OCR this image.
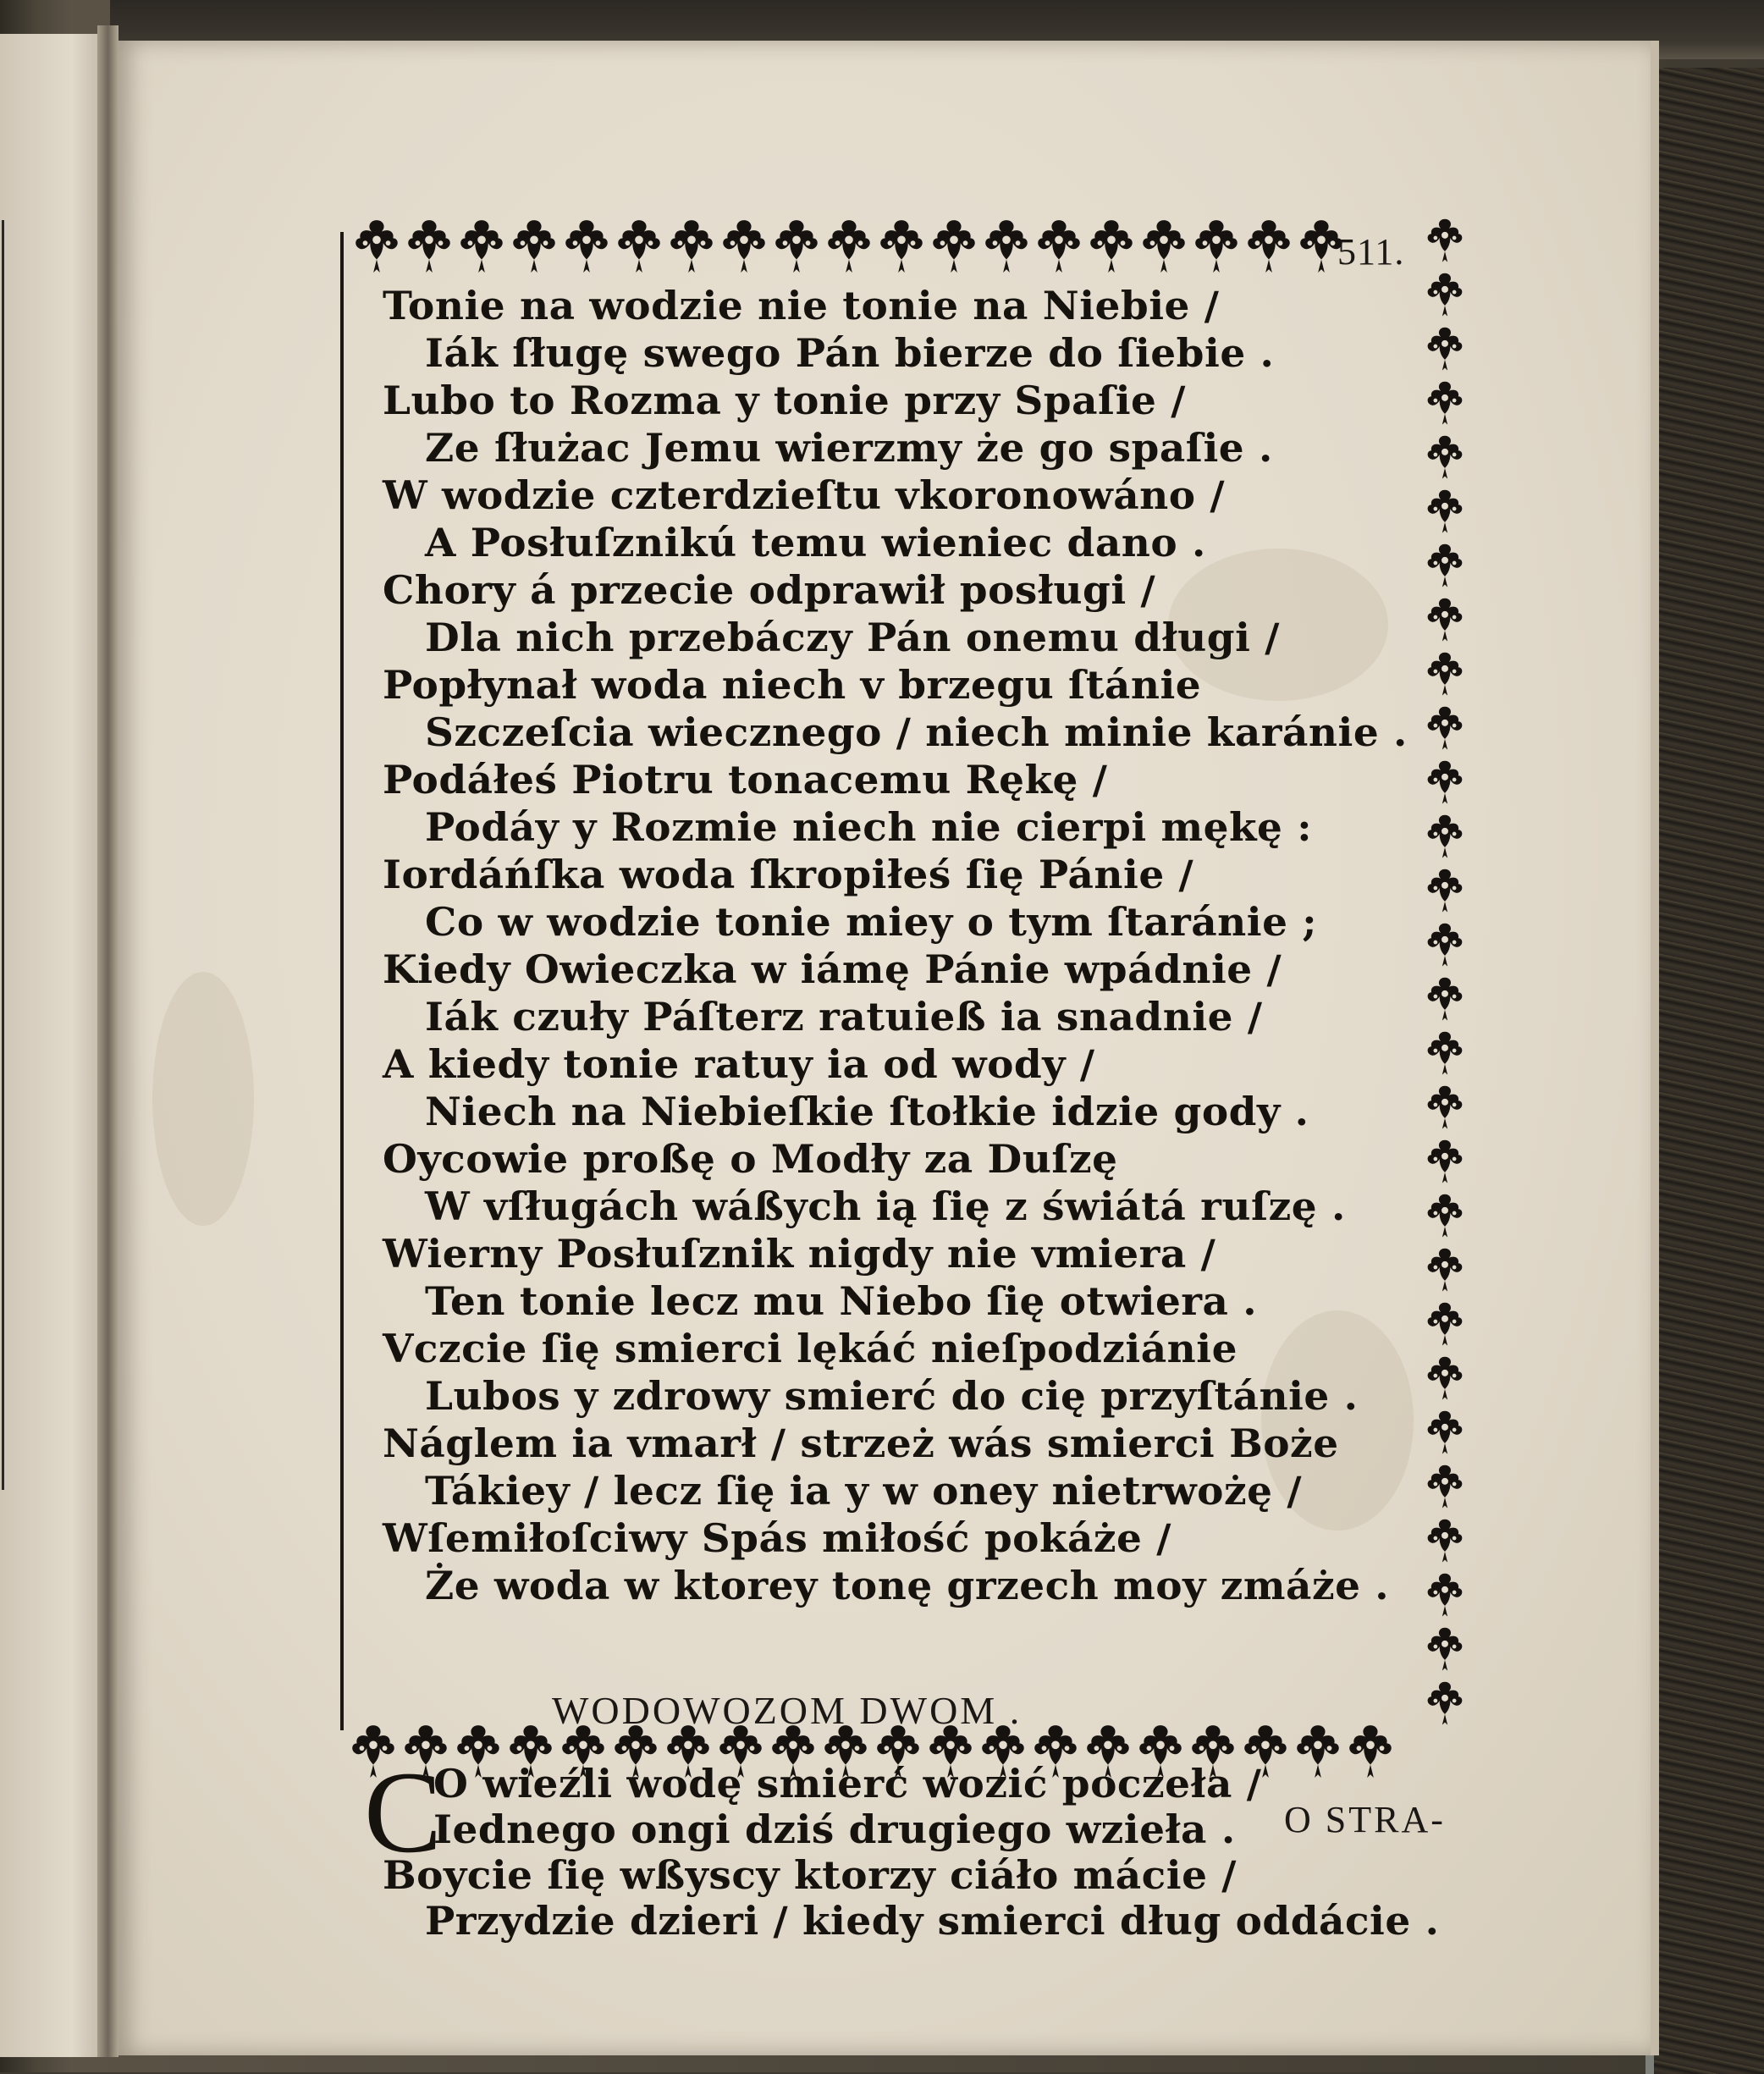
511.
Tonie na wodzie nie tonie na Niebie /
Iák ſługę swego Pán bierze do ſiebie .
Lubo to Rozma y tonie przy Spaſie /
Ze ſłużac Jemu wierzmy że go spaſie .
W wodzie czterdzieſtu vkoronowáno /
A Posłuſznikú temu wieniec dano .
Chory á przecie odprawił posługi /
Dla nich przebáczy Pán onemu długi /
Popłynał woda niech v brzegu ſtánie
Szczeſcia wiecznego / niech minie karánie .
Podáłeś Piotru tonacemu Rękę /
Podáy y Rozmie niech nie cierpi mękę :
Iordáńſka woda ſkropiłeś ſię Pánie /
Co w wodzie tonie miey o tym ſtaránie ;
Kiedy Owieczka w iámę Pánie wpádnie /
Iák czuły Páſterz ratuieß ia snadnie /
A kiedy tonie ratuy ia od wody /
Niech na Niebieſkie ſtołkie idzie gody .
Oycowie proßę o Modły za Duſzę
W vſługách wáßych ią ſię z świátá ruſzę .
Wierny Posłuſznik nigdy nie vmiera /
Ten tonie lecz mu Niebo ſię otwiera .
Vczcie ſię smierci lękáć nieſpodziánie
Lubos y zdrowy smierć do cię przyſtánie .
Náglem ia vmarł / strzeż wás smierci Boże
Tákiey / lecz ſię ia y w oney nietrwożę /
Wſemiłoſciwy Spás miłość pokáże /
Że woda w ktorey tonę grzech moy zmáże .
WODOWOZOM DWOM .
C
O wieźli wodę smierć wozić poczeła /
Iednego ongi dziś drugiego wzieła .
Boycie ſię wßyscy ktorzy ciáło mácie /
Przydzie dzieri / kiedy smierci dług oddácie .
O STRA-
